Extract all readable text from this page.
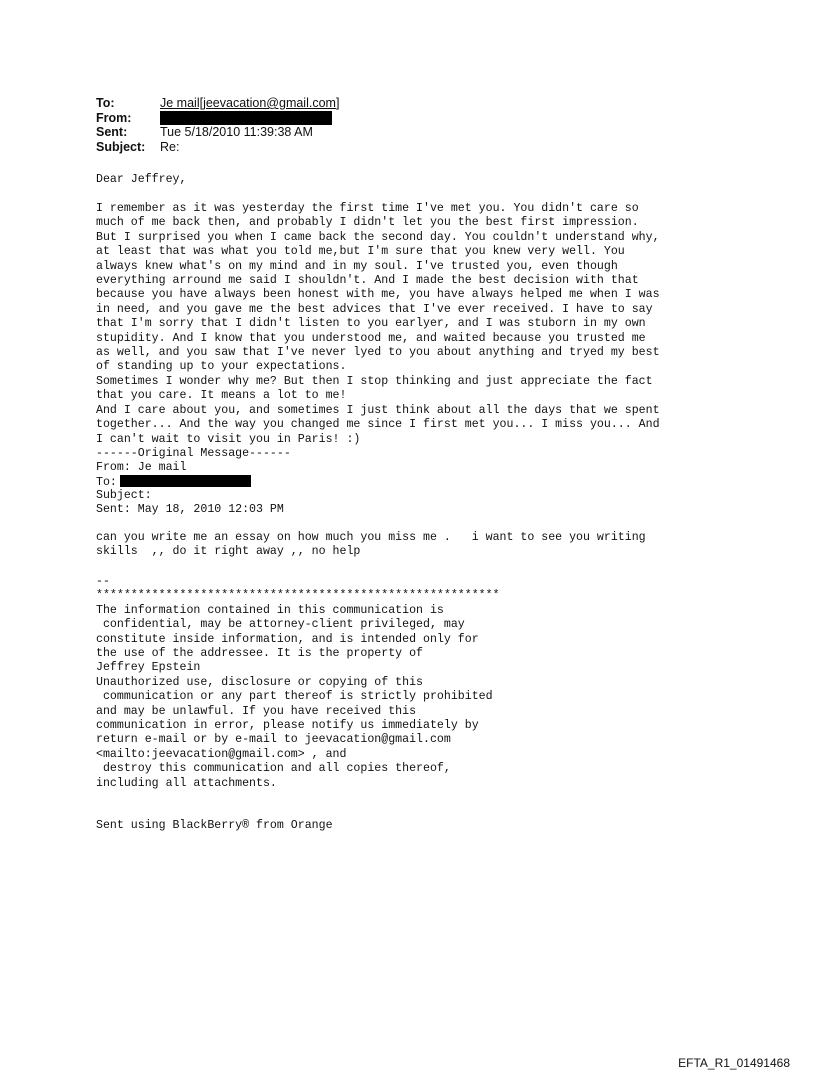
To:	Je mail[jeevacation@gmail.com]
From:
Sent:	Tue 5/18/2010 11:39:38 AM
Subject:	Re:
Dear Jeffrey,
I remember as it was yesterday the first time I've met you. You didn't care so
much of me back then, and probably I didn't let you the best first impression.
But I surprised you when I came back the second day. You couldn't understand why,
at least that was what you told me,but I'm sure that you knew very well. You
always knew what's on my mind and in my soul. I've trusted you, even though
everything arround me said I shouldn't. And I made the best decision with that
because you have always been honest with me, you have always helped me when I was
in need, and you gave me the best advices that I've ever received. I have to say
that I'm sorry that I didn't listen to you earlyer, and I was stuborn in my own
stupidity. And I know that you understood me, and waited because you trusted me
as well, and you saw that I've never lyed to you about anything and tryed my best
of standing up to your expectations.
Sometimes I wonder why me? But then I stop thinking and just appreciate the fact
that you care. It means a lot to me!
And I care about you, and sometimes I just think about all the days that we spent
together... And the way you changed me since I first met you... I miss you... And
I can't wait to visit you in Paris! :)
------Original Message------
From: Je mail
To:
Subject:
Sent: May 18, 2010 12:03 PM
can you write me an essay on how much you miss me .   i want to see you writing
skills  ,, do it right away ,, no help
--
**********************************************************
The information contained in this communication is
confidential, may be attorney-client privileged, may
constitute inside information, and is intended only for
the use of the addressee. It is the property of
Jeffrey Epstein
Unauthorized use, disclosure or copying of this
communication or any part thereof is strictly prohibited
and may be unlawful. If you have received this
communication in error, please notify us immediately by
return e-mail or by e-mail to jeevacation@gmail.com
<mailto:jeevacation@gmail.com> , and
destroy this communication and all copies thereof,
including all attachments.
Sent using BlackBerry® from Orange
EFTA_R1_01491468
